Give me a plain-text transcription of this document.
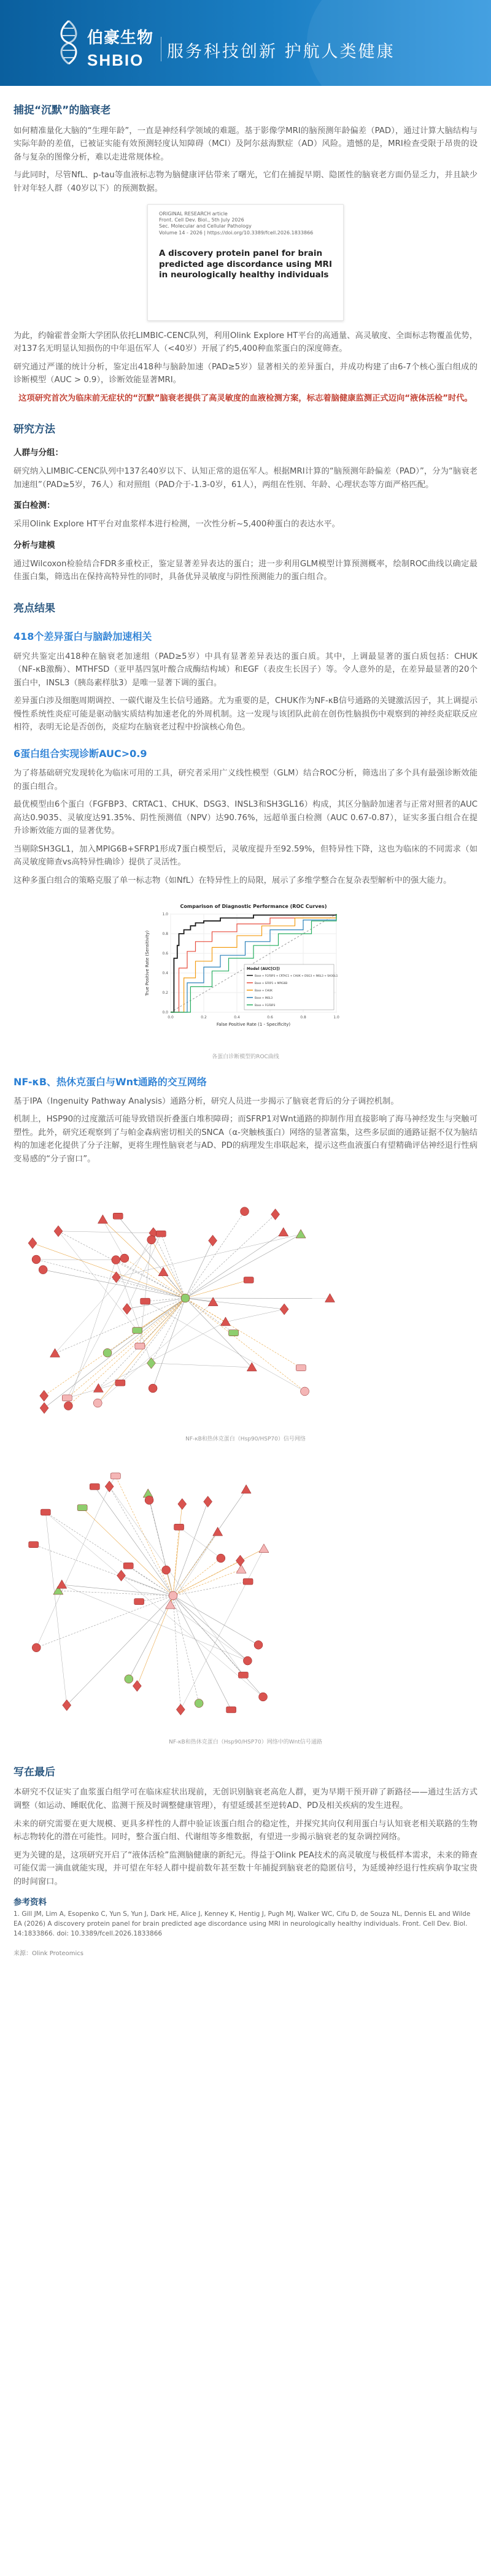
伯豪生物
SHBIO 服务科技创新 护航人类健康
捕捉“沉默”的脑衰老

如何精准量化大脑的“生理年龄”，一直是神经科学领域的难题。基于影像学MRI的脑预测年龄偏差（PAD），通过计算大脑结构与实际年龄的差值，已被证实能有效预测轻度认知障碍（MCI）及阿尔兹海默症（AD）风险。遗憾的是，MRI检查受限于昂贵的设备与复杂的图像分析，难以走进常规体检。

与此同时，尽管NfL、p-tau等血液标志物为脑健康评估带来了曙光，它们在捕捉早期、隐匿性的脑衰老方面仍显乏力，并且缺少针对年轻人群（40岁以下）的预测数据。

ORIGINAL RESEARCH article
Front. Cell Dev. Biol., 5th July 2026
Sec. Molecular and Cellular Pathology
Volume 14 - 2026 | https://doi.org/10.3389/fcell.2026.1833866
A discovery protein panel for brain predicted age discordance using MRI in neurologically healthy individuals

为此，约翰霍普金斯大学团队依托LIMBIC-CENC队列，利用Olink Explore HT平台的高通量、高灵敏度、全面标志物覆盖优势，对137名无明显认知损伤的中年退伍军人（<40岁）开展了约5,400种血浆蛋白的深度筛查。

研究通过严谨的统计分析，鉴定出418种与脑龄加速（PAD≥5岁）显著相关的差异蛋白，并成功构建了由6-7个核心蛋白组成的诊断模型（AUC > 0.9），诊断效能显著MRI。

这项研究首次为临床前无症状的“沉默”脑衰老提供了高灵敏度的血液检测方案，标志着脑健康监测正式迈向“液体活检”时代。

研究方法
人群与分组：

研究纳入LIMBIC-CENC队列中137名40岁以下、认知正常的退伍军人。根据MRI计算的“脑预测年龄偏差（PAD）”，分为“脑衰老加速组”（PAD≥5岁，76人）和对照组（PAD介于-1.3-0岁，61人），两组在性别、年龄、心理状态等方面严格匹配。

蛋白检测：

采用Olink Explore HT平台对血浆样本进行检测，一次性分析~5,400种蛋白的表达水平。

分析与建模

通过Wilcoxon检验结合FDR多重校正，鉴定显著差异表达的蛋白；进一步利用GLM模型计算预测概率，绘制ROC曲线以确定最佳蛋白集，筛选出在保持高特异性的同时，具备优异灵敏度与阴性预测能力的蛋白组合。

亮点结果
418个差异蛋白与脑龄加速相关

研究共鉴定出418种在脑衰老加速组（PAD≥5岁）中具有显著差异表达的蛋白质。其中，上调最显著的蛋白质包括：CHUK（NF-κB激酶）、MTHFSD（亚甲基四氢叶酸合成酶结构域）和EGF（表皮生长因子）等。令人意外的是，在差异最显著的20个蛋白中，INSL3（胰岛素样肽3）是唯一显著下调的蛋白。

差异蛋白涉及细胞周期调控、一碳代谢及生长信号通路。尤为重要的是，CHUK作为NF-κB信号通路的关键激活因子，其上调提示慢性系统性炎症可能是驱动脑实质结构加速老化的外周机制。这一发现与该团队此前在创伤性脑损伤中观察到的神经炎症联反应相符，表明无论是否创伤，炎症均在脑衰老过程中扮演核心角色。

6蛋白组合实现诊断AUC>0.9

为了将基础研究发现转化为临床可用的工具，研究者采用广义线性模型（GLM）结合ROC分析，筛选出了多个具有最强诊断效能的蛋白组合。

最优模型由6个蛋白（FGFBP3、CRTAC1、CHUK、DSG3、INSL3和SH3GL16）构成，其区分脑龄加速者与正常对照者的AUC高达0.9035、灵敏度达91.35%、阴性预测值（NPV）达90.76%，远超单蛋白检测（AUC 0.67-0.87），证实多蛋白组合在提升诊断效能方面的显著优势。

当剔除SH3GL1，加入MPIG6B+SFRP1形成7蛋白模型后，灵敏度提升至92.59%，但特异性下降，这也为临床的不同需求（如高灵敏度筛查vs高特异性确诊）提供了灵活性。

这种多蛋白组合的策略克服了单一标志物（如NfL）在特异性上的局限，展示了多维学整合在复杂表型解析中的强大能力。

0.0
0.0
0.2
0.2
0.4
0.4
0.6
0.6
0.8
0.8
1.0
1.0
Comparison of Diagnostic Performance (ROC Curves)
False Positive Rate (1 - Specificity)
True Positive Rate (Sensitivity)	Model (AUC[CI])
Base + FGFBP3 + CRTAC1 + CHUK + DSG3 + INSL3 + SH3GL1
Base + SFRP1 + MPIG6B
Base + CHUK
Base + INSL3
Base + FGFBP3
各蛋白诊断模型的ROC曲线
NF-κB、热休克蛋白与Wnt通路的交互网络

基于IPA（Ingenuity Pathway Analysis）通路分析，研究人员进一步揭示了脑衰老背后的分子调控机制。

机制上，HSP90的过度激活可能导致错误折叠蛋白堆积障碍；而SFRP1对Wnt通路的抑制作用直接影响了海马神经发生与突触可塑性。此外，研究还观察到了与帕金森病密切相关的SNCA（α-突触核蛋白）网络的显著富集，这些多层面的通路证据不仅为脑结构的加速老化提供了分子注解，更将生理性脑衰老与AD、PD的病理发生串联起来，提示这些血液蛋白有望精确评估神经退行性病变易感的“分子窗口”。

NF-κB和热休克蛋白（Hsp90/HSP70）信号网络
NF-κB和热休克蛋白（Hsp90/HSP70）网络中的Wnt信号通路
写在最后

本研究不仅证实了血浆蛋白组学可在临床症状出现前，无创识别脑衰老高危人群，更为早期干预开辟了新路径——通过生活方式调整（如运动、睡眠优化、监测干预及时调整健康管理），有望延缓甚至逆转AD、PD及相关疾病的发生进程。

未来的研究需要在更大规模、更具多样性的人群中验证该蛋白组合的稳定性，并探究其向仅利用蛋白与认知衰老相关联路的生物标志物转化的潜在可能性。同时，整合蛋白组、代谢组等多维数据，有望进一步揭示脑衰老的复杂调控网络。

更为关键的是，这项研究开启了“液体活检”监测脑健康的新纪元。得益于Olink PEA技术的高灵敏度与极低样本需求，未来的筛查可能仅需一滴血就能实现，并可望在年轻人群中提前数年甚至数十年捕捉到脑衰老的隐匿信号，为延缓神经退行性疾病争取宝贵的时间窗口。

参考资料

1. Gill JM, Lim A, Esopenko C, Yun S, Yun J, Dark HE, Alice J, Kenney K, Hentig J, Pugh MJ, Walker WC, Cifu D, de Souza NL, Dennis EL and Wilde EA (2026) A discovery protein panel for brain predicted age discordance using MRI in neurologically healthy individuals. Front. Cell Dev. Biol. 14:1833866. doi: 10.3389/fcell.2026.1833866

来源：Olink Proteomics
